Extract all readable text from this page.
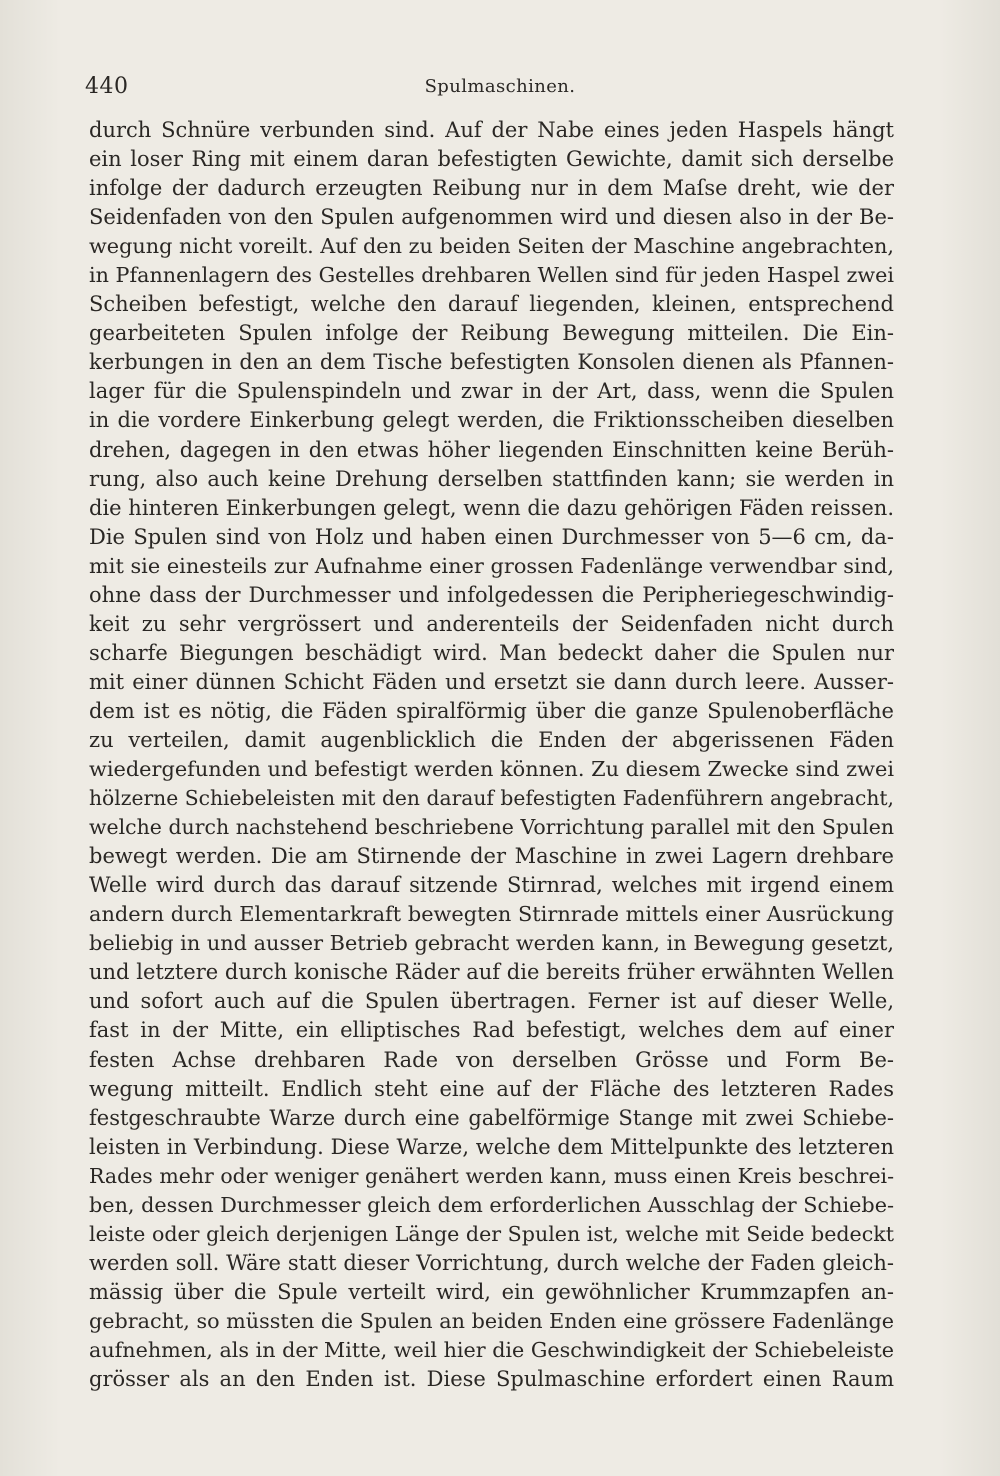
440	Spulmaschinen.
durch Schnüre verbunden sind. Auf der Nabe eines jeden Haspels hängt
ein loser Ring mit einem daran befestigten Gewichte, damit sich derselbe
infolge der dadurch erzeugten Reibung nur in dem Maſse dreht, wie der
Seidenfaden von den Spulen aufgenommen wird und diesen also in der Be-
wegung nicht voreilt. Auf den zu beiden Seiten der Maschine angebrachten,
in Pfannenlagern des Gestelles drehbaren Wellen sind für jeden Haspel zwei
Scheiben befestigt, welche den darauf liegenden, kleinen, entsprechend
gearbeiteten Spulen infolge der Reibung Bewegung mitteilen. Die Ein-
kerbungen in den an dem Tische befestigten Konsolen dienen als Pfannen-
lager für die Spulenspindeln und zwar in der Art, dass, wenn die Spulen
in die vordere Einkerbung gelegt werden, die Friktionsscheiben dieselben
drehen, dagegen in den etwas höher liegenden Einschnitten keine Berüh-
rung, also auch keine Drehung derselben stattfinden kann; sie werden in
die hinteren Einkerbungen gelegt, wenn die dazu gehörigen Fäden reissen.
Die Spulen sind von Holz und haben einen Durchmesser von 5—6 cm, da-
mit sie einesteils zur Aufnahme einer grossen Fadenlänge verwendbar sind,
ohne dass der Durchmesser und infolgedessen die Peripheriegeschwindig-
keit zu sehr vergrössert und anderenteils der Seidenfaden nicht durch
scharfe Biegungen beschädigt wird. Man bedeckt daher die Spulen nur
mit einer dünnen Schicht Fäden und ersetzt sie dann durch leere. Ausser-
dem ist es nötig, die Fäden spiralförmig über die ganze Spulenoberfläche
zu verteilen, damit augenblicklich die Enden der abgerissenen Fäden
wiedergefunden und befestigt werden können. Zu diesem Zwecke sind zwei
hölzerne Schiebeleisten mit den darauf befestigten Fadenführern angebracht,
welche durch nachstehend beschriebene Vorrichtung parallel mit den Spulen
bewegt werden. Die am Stirnende der Maschine in zwei Lagern drehbare
Welle wird durch das darauf sitzende Stirnrad, welches mit irgend einem
andern durch Elementarkraft bewegten Stirnrade mittels einer Ausrückung
beliebig in und ausser Betrieb gebracht werden kann, in Bewegung gesetzt,
und letztere durch konische Räder auf die bereits früher erwähnten Wellen
und sofort auch auf die Spulen übertragen. Ferner ist auf dieser Welle,
fast in der Mitte, ein elliptisches Rad befestigt, welches dem auf einer
festen Achse drehbaren Rade von derselben Grösse und Form Be-
wegung mitteilt. Endlich steht eine auf der Fläche des letzteren Rades
festgeschraubte Warze durch eine gabelförmige Stange mit zwei Schiebe-
leisten in Verbindung. Diese Warze, welche dem Mittelpunkte des letzteren
Rades mehr oder weniger genähert werden kann, muss einen Kreis beschrei-
ben, dessen Durchmesser gleich dem erforderlichen Ausschlag der Schiebe-
leiste oder gleich derjenigen Länge der Spulen ist, welche mit Seide bedeckt
werden soll. Wäre statt dieser Vorrichtung, durch welche der Faden gleich-
mässig über die Spule verteilt wird, ein gewöhnlicher Krummzapfen an-
gebracht, so müssten die Spulen an beiden Enden eine grössere Fadenlänge
aufnehmen, als in der Mitte, weil hier die Geschwindigkeit der Schiebeleiste
grösser als an den Enden ist. Diese Spulmaschine erfordert einen Raum
